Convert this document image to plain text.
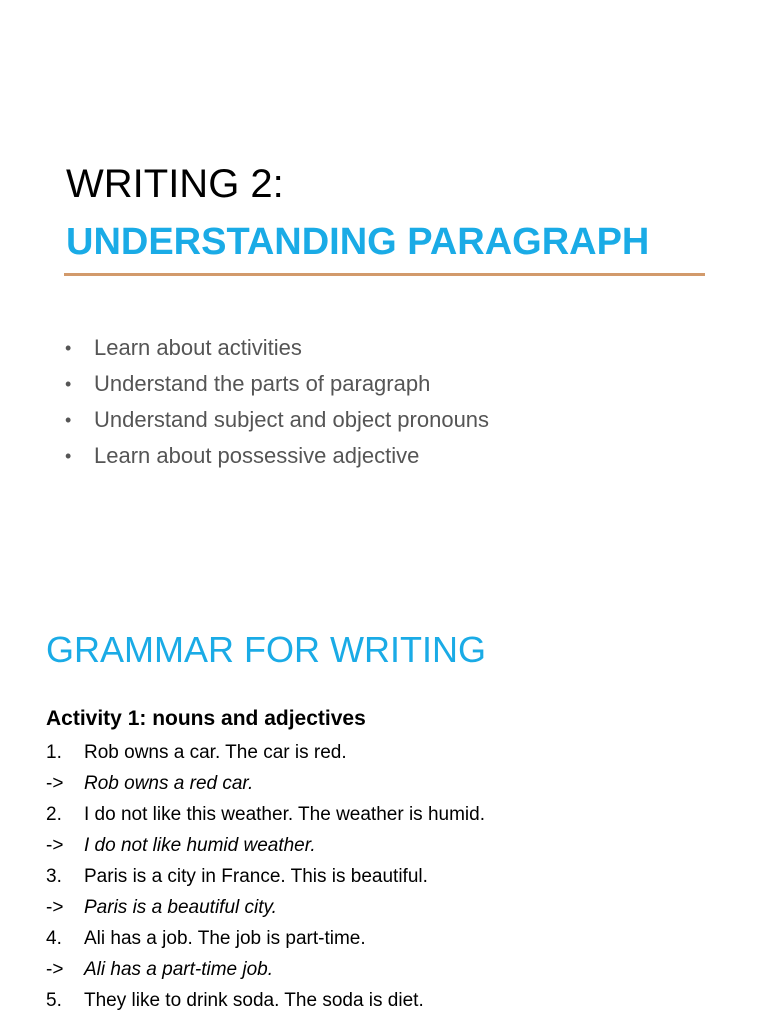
WRITING 2:
UNDERSTANDING PARAGRAPH
• Learn about activities
• Understand the parts of paragraph
• Understand subject and object pronouns
• Learn about possessive adjective
GRAMMAR FOR WRITING
Activity 1: nouns and adjectives
1. Rob owns a car. The car is red.
-> Rob owns a red car.
2. I do not like this weather. The weather is humid.
-> I do not like humid weather.
3. Paris is a city in France. This is beautiful.
-> Paris is a beautiful city.
4. Ali has a job. The job is part-time.
-> Ali has a part-time job.
5. They like to drink soda. The soda is diet.
